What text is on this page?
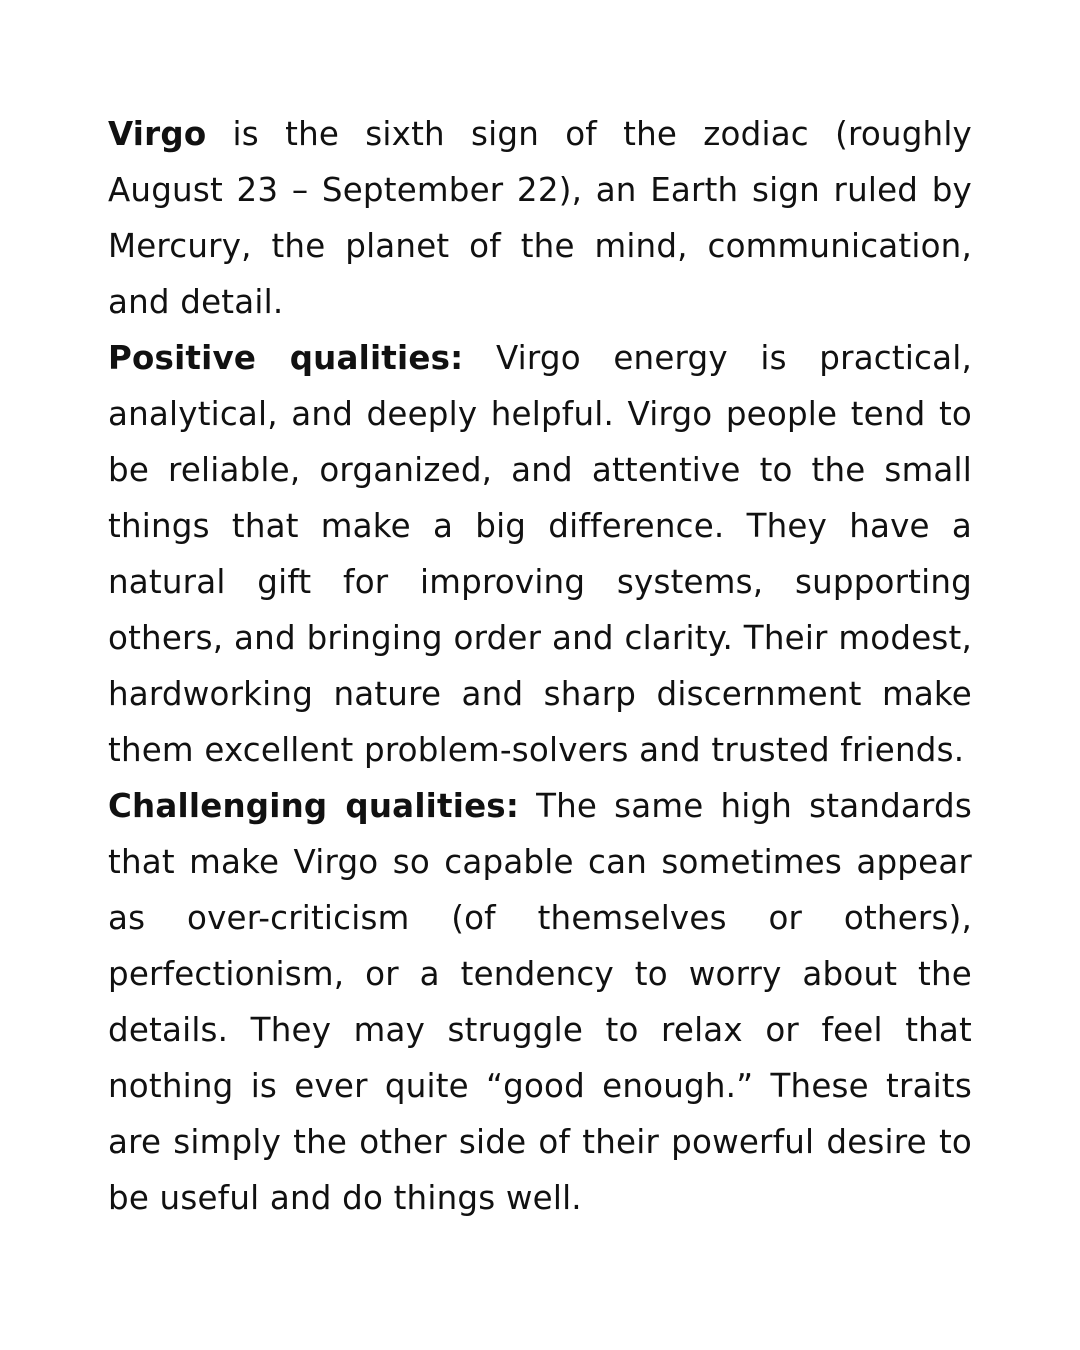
Virgo is the sixth sign of the zodiac (roughly August 23 – September 22), an Earth sign ruled by Mercury, the planet of the mind, communication, and detail.

Positive qualities: Virgo energy is practical, analytical, and deeply helpful. Virgo people tend to be reliable, organized, and attentive to the small things that make a big difference. They have a natural gift for improving systems, supporting others, and bringing order and clarity. Their modest, hardworking nature and sharp discernment make them excellent problem-solvers and trusted friends.

Challenging qualities: The same high standards that make Virgo so capable can sometimes appear as over-criticism (of themselves or others), perfectionism, or a tendency to worry about the details. They may struggle to relax or feel that nothing is ever quite “good enough.” These traits are simply the other side of their powerful desire to be useful and do things well.
